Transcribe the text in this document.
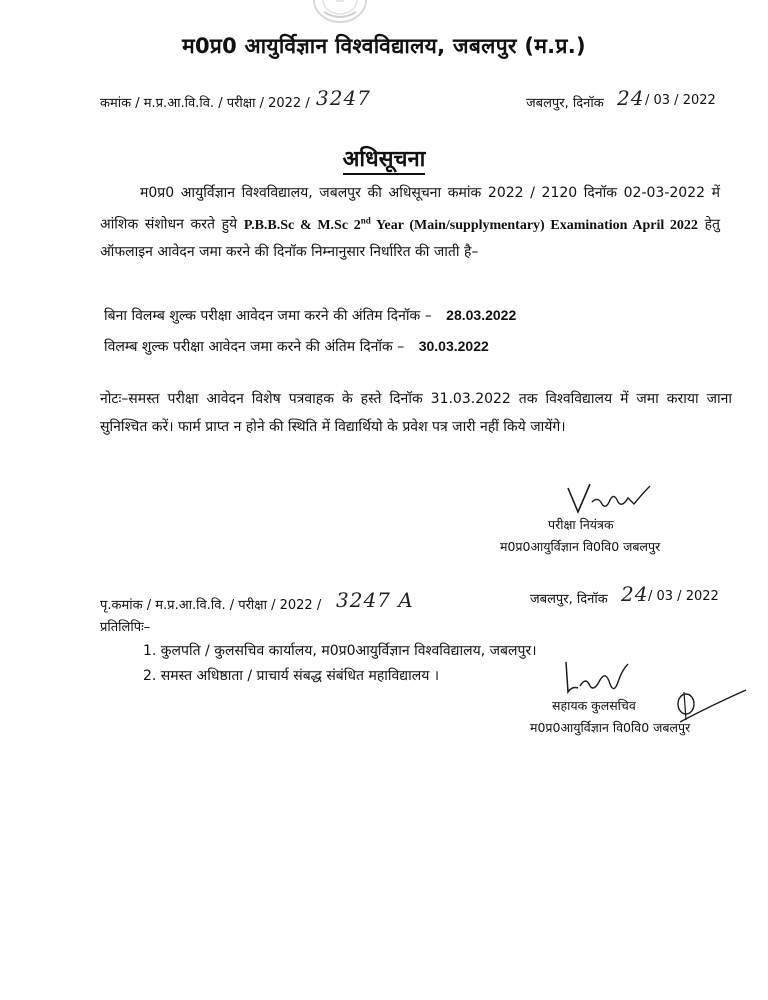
म0प्र0 आयुर्विज्ञान विश्वविद्यालय, जबलपुर (म.प्र.)
कमांक / म.प्र.आ.वि.वि. / परीक्षा / 2022 / 3247	जबलपुर, दिनॉक 24 / 03 / 2022
अधिसूचना
म0प्र0 आयुर्विज्ञान विश्वविद्यालय, जबलपुर की अधिसूचना कमांक 2022 / 2120 दिनॉक 02-03-2022 में आंशिक संशोधन करते हुये P.B.B.Sc & M.Sc 2nd Year (Main/supplymentary) Examination April 2022 हेतु ऑफलाइन आवेदन जमा करने की दिनॉक निम्नानुसार निर्धारित की जाती है–
बिना विलम्ब शुल्क परीक्षा आवेदन जमा करने की अंतिम दिनॉक – 28.03.2022
विलम्ब शुल्क परीक्षा आवेदन जमा करने की अंतिम दिनॉक – 30.03.2022
नोटः–समस्त परीक्षा आवेदन विशेष पत्रवाहक के हस्ते दिनॉक 31.03.2022 तक विश्वविद्यालय में जमा कराया जाना सुनिश्चित करें। फार्म प्राप्त न होने की स्थिति में विद्यार्थियो के प्रवेश पत्र जारी नहीं किये जायेंगे।
परीक्षा नियंत्रक
म0प्र0आयुर्विज्ञान वि0वि0 जबलपुर
पृ.कमांक / म.प्र.आ.वि.वि. / परीक्षा / 2022 / 3247 A	जबलपुर, दिनॉक 24 / 03 / 2022
प्रतिलिपिः–
1. कुलपति / कुलसचिव कार्यालय, म0प्र0आयुर्विज्ञान विश्वविद्यालय, जबलपुर।
2. समस्त अधिष्ठाता / प्राचार्य संबद्ध संबंधित महाविद्यालय ।
सहायक कुलसचिव
म0प्र0आयुर्विज्ञान वि0वि0 जबलपुर
